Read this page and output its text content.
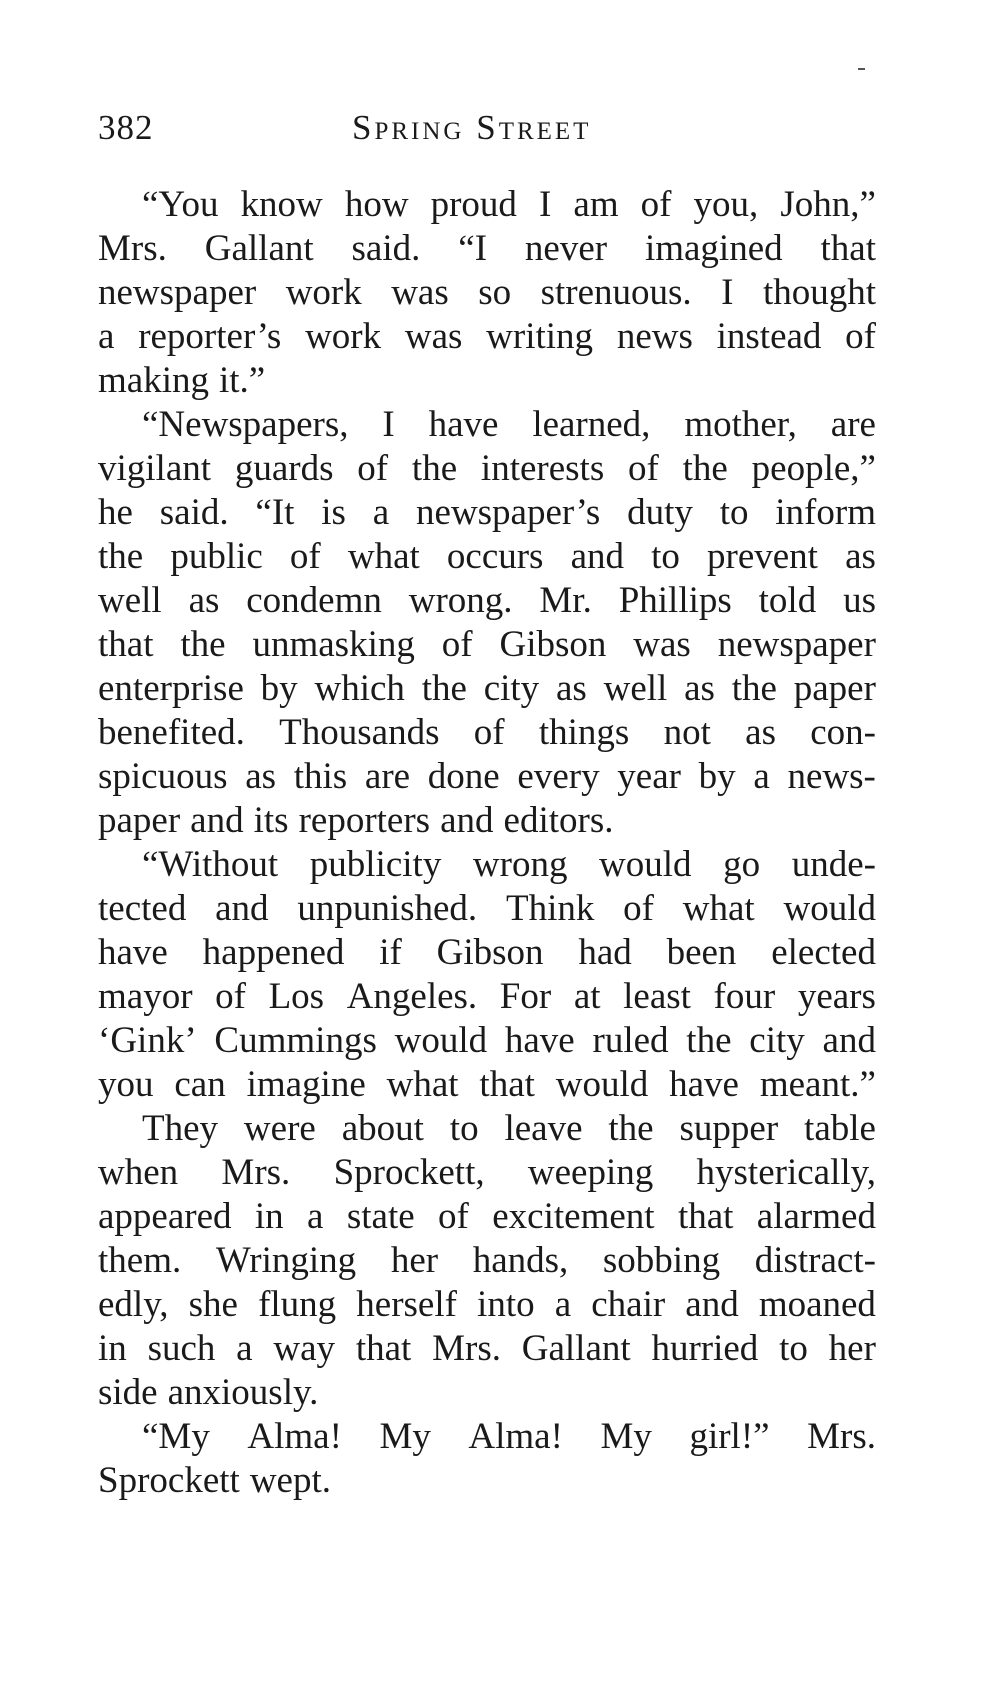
382	Spring Street
“You know how proud I am of you, John,”
Mrs. Gallant said. “I never imagined that
newspaper work was so strenuous. I thought
a reporter’s work was writing news instead of
making it.”
“Newspapers, I have learned, mother, are
vigilant guards of the interests of the people,”
he said. “It is a newspaper’s duty to inform
the public of what occurs and to prevent as
well as condemn wrong. Mr. Phillips told us
that the unmasking of Gibson was newspaper
enterprise by which the city as well as the paper
benefited. Thousands of things not as con-
spicuous as this are done every year by a news-
paper and its reporters and editors.
“Without publicity wrong would go unde-
tected and unpunished. Think of what would
have happened if Gibson had been elected
mayor of Los Angeles. For at least four years
‘Gink’ Cummings would have ruled the city and
you can imagine what that would have meant.”
They were about to leave the supper table
when Mrs. Sprockett, weeping hysterically,
appeared in a state of excitement that alarmed
them. Wringing her hands, sobbing distract-
edly, she flung herself into a chair and moaned
in such a way that Mrs. Gallant hurried to her
side anxiously.
“My Alma! My Alma! My girl!” Mrs.
Sprockett wept.
